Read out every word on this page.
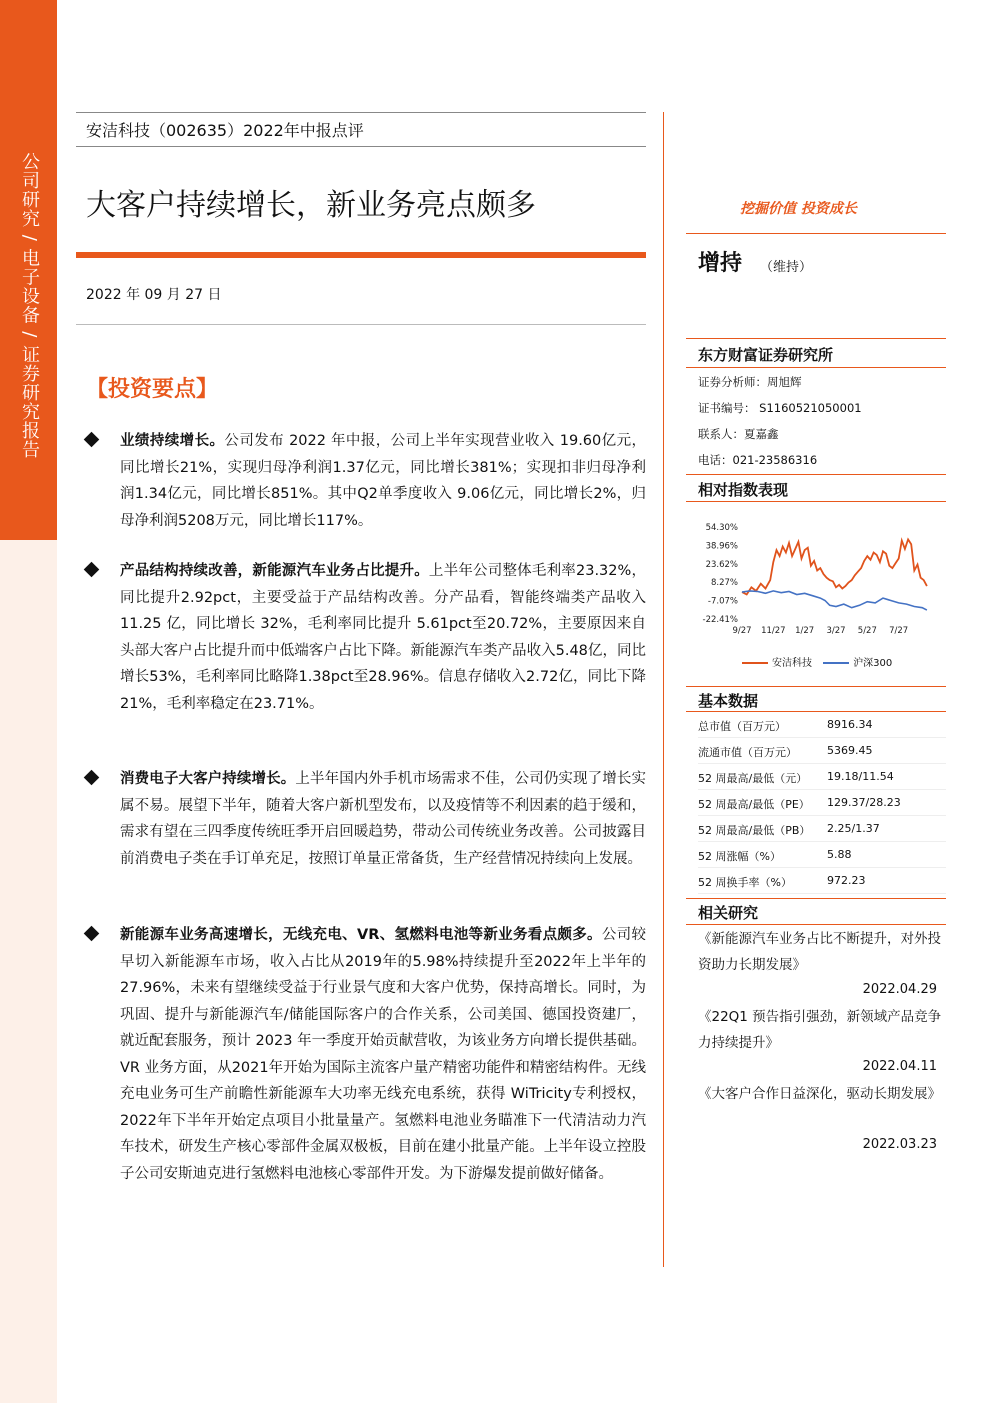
公司研究 / 电子设备 / 证券研究报告
安洁科技（002635）2022年中报点评
大客户持续增长，新业务亮点颇多
2022 年 09 月 27 日
【投资要点】
业绩持续增长。公司发布 2022 年中报，公司上半年实现营业收入 19.60亿元，同比增长21%，实现归母净利润1.37亿元，同比增长381%；实现扣非归母净利润1.34亿元，同比增长851%。其中Q2单季度收入 9.06亿元，同比增长2%，归母净利润5208万元，同比增长117%。
产品结构持续改善，新能源汽车业务占比提升。上半年公司整体毛利率23.32%，同比提升2.92pct，主要受益于产品结构改善。分产品看，智能终端类产品收入 11.25 亿，同比增长 32%，毛利率同比提升 5.61pct至20.72%，主要原因来自头部大客户占比提升而中低端客户占比下降。新能源汽车类产品收入5.48亿，同比增长53%，毛利率同比略降1.38pct至28.96%。信息存储收入2.72亿，同比下降21%，毛利率稳定在23.71%。
消费电子大客户持续增长。上半年国内外手机市场需求不佳，公司仍实现了增长实属不易。展望下半年，随着大客户新机型发布，以及疫情等不利因素的趋于缓和，需求有望在三四季度传统旺季开启回暖趋势，带动公司传统业务改善。公司披露目前消费电子类在手订单充足，按照订单量正常备货，生产经营情况持续向上发展。
新能源车业务高速增长，无线充电、VR、氢燃料电池等新业务看点颇多。公司较早切入新能源车市场，收入占比从2019年的5.98%持续提升至2022年上半年的27.96%，未来有望继续受益于行业景气度和大客户优势，保持高增长。同时，为巩固、提升与新能源汽车/储能国际客户的合作关系，公司美国、德国投资建厂，就近配套服务，预计 2023 年一季度开始贡献营收，为该业务方向增长提供基础。VR 业务方面，从2021年开始为国际主流客户量产精密功能件和精密结构件。无线充电业务可生产前瞻性新能源车大功率无线充电系统，获得 WiTricity专利授权，2022年下半年开始定点项目小批量量产。氢燃料电池业务瞄准下一代清洁动力汽车技术，研发生产核心零部件金属双极板，目前在建小批量产能。上半年设立控股子公司安斯迪克进行氢燃料电池核心零部件开发。为下游爆发提前做好储备。
挖掘价值 投资成长
增持 （维持）
东方财富证券研究所
证券分析师：周旭辉
证书编号： S1160521050001
联系人：夏嘉鑫
电话：021-23586316
相对指数表现
54.30%
38.96%
23.62%
8.27%
-7.07%
-22.41%
9/27 11/27 1/27 3/27 5/27 7/27
安洁科技	沪深300
基本数据
总市值（百万元）	8916.34
流通市值（百万元）	5369.45
52 周最高/最低（元） 19.18/11.54
52 周最高/最低（PE） 129.37/28.23
52 周最高/最低（PB） 2.25/1.37
52 周涨幅（%）	5.88
52 周换手率（%）	972.23
相关研究
《新能源汽车业务占比不断提升，对外投资助力长期发展》
2022.04.29
《22Q1 预告指引强劲，新领域产品竞争力持续提升》
2022.04.11
《大客户合作日益深化，驱动长期发展》
2022.03.23
